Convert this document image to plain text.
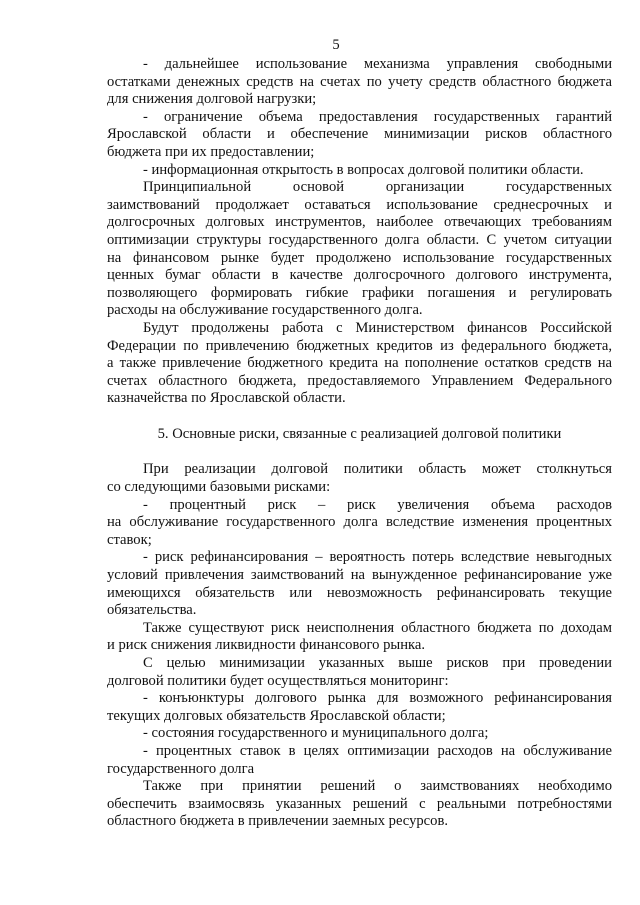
5

- дальнейшее использование механизма управления свободными
остатками денежных средств на счетах по учету средств областного бюджета
для снижения долговой нагрузки;

- ограничение объема предоставления государственных гарантий
Ярославской области и обеспечение минимизации рисков областного
бюджета при их предоставлении;

- информационная открытость в вопросах долговой политики области.

Принципиальной основой организации государственных
заимствований продолжает оставаться использование среднесрочных и
долгосрочных долговых инструментов, наиболее отвечающих требованиям
оптимизации структуры государственного долга области. С учетом ситуации
на финансовом рынке будет продолжено использование государственных
ценных бумаг области в качестве долгосрочного долгового инструмента,
позволяющего формировать гибкие графики погашения и регулировать
расходы на обслуживание государственного долга.

Будут продолжены работа с Министерством финансов Российской
Федерации по привлечению бюджетных кредитов из федерального бюджета,
а также привлечение бюджетного кредита на пополнение остатков средств на
счетах областного бюджета, предоставляемого Управлением Федерального
казначейства по Ярославской области.

5. Основные риски, связанные с реализацией долговой политики

При реализации долговой политики область может столкнуться
со следующими базовыми рисками:

- процентный риск – риск увеличения объема расходов
на обслуживание государственного долга вследствие изменения процентных
ставок;

- риск рефинансирования – вероятность потерь вследствие невыгодных
условий привлечения заимствований на вынужденное рефинансирование уже
имеющихся обязательств или невозможность рефинансировать текущие
обязательства.

Также существуют риск неисполнения областного бюджета по доходам
и риск снижения ликвидности финансового рынка.

С целью минимизации указанных выше рисков при проведении
долговой политики будет осуществляться мониторинг:

- конъюнктуры долгового рынка для возможного рефинансирования
текущих долговых обязательств Ярославской области;

- состояния государственного и муниципального долга;

- процентных ставок в целях оптимизации расходов на обслуживание
государственного долга

Также при принятии решений о заимствованиях необходимо
обеспечить взаимосвязь указанных решений с реальными потребностями
областного бюджета в привлечении заемных ресурсов.
